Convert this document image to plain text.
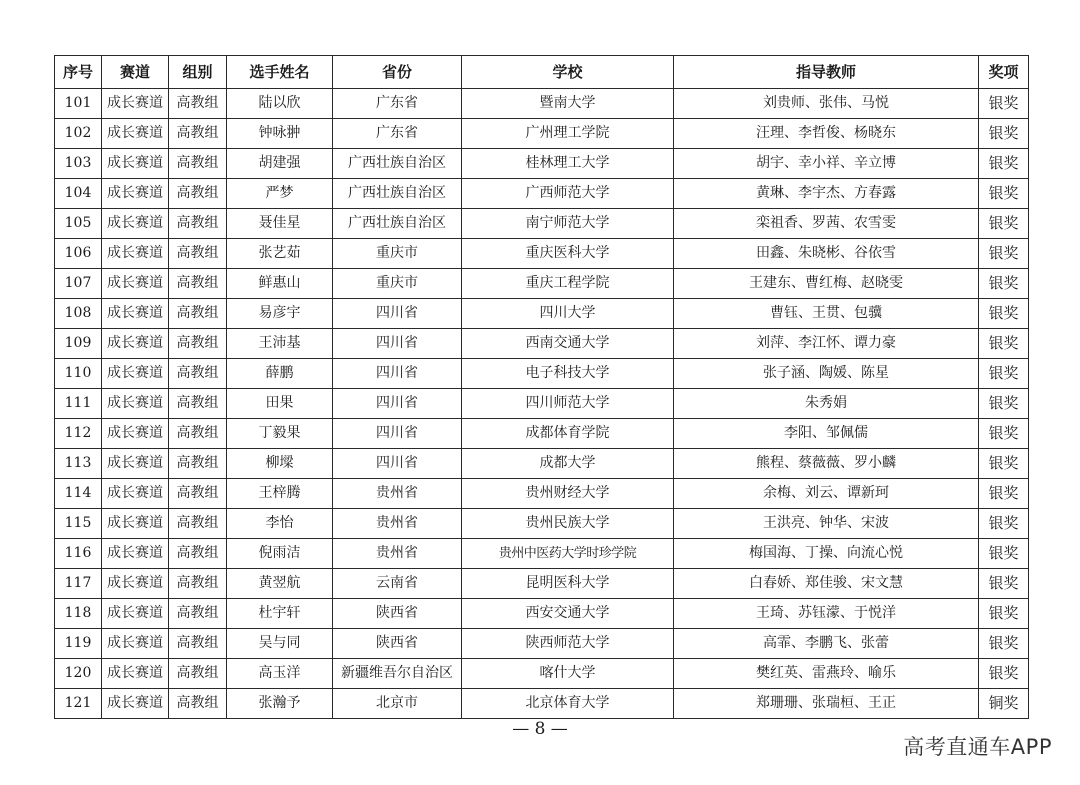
序号	赛道	组别	选手姓名	省份	学校	指导教师	奖项
101	成长赛道	高教组	陆以欣	广东省	暨南大学	刘贵师、张伟、马悦	银奖
102	成长赛道	高教组	钟咏翀	广东省	广州理工学院	汪理、李哲俊、杨晓东	银奖
103	成长赛道	高教组	胡建强	广西壮族自治区	桂林理工大学	胡宇、幸小祥、辛立博	银奖
104	成长赛道	高教组	严梦	广西壮族自治区	广西师范大学	黄琳、李宇杰、方春露	银奖
105	成长赛道	高教组	聂佳星	广西壮族自治区	南宁师范大学	栾祖香、罗茜、农雪雯	银奖
106	成长赛道	高教组	张艺茹	重庆市	重庆医科大学	田鑫、朱晓彬、谷依雪	银奖
107	成长赛道	高教组	鲜惠山	重庆市	重庆工程学院	王建东、曹红梅、赵晓雯	银奖
108	成长赛道	高教组	易彦宇	四川省	四川大学	曹钰、王贯、包骥	银奖
109	成长赛道	高教组	王沛基	四川省	西南交通大学	刘萍、李江怀、谭力豪	银奖
110	成长赛道	高教组	薛鹏	四川省	电子科技大学	张子涵、陶媛、陈星	银奖
111	成长赛道	高教组	田果	四川省	四川师范大学	朱秀娟	银奖
112	成长赛道	高教组	丁毅果	四川省	成都体育学院	李阳、邹佩儒	银奖
113	成长赛道	高教组	柳墚	四川省	成都大学	熊程、蔡薇薇、罗小麟	银奖
114	成长赛道	高教组	王梓腾	贵州省	贵州财经大学	余梅、刘云、谭新珂	银奖
115	成长赛道	高教组	李怡	贵州省	贵州民族大学	王洪亮、钟华、宋波	银奖
116	成长赛道	高教组	倪雨洁	贵州省	贵州中医药大学时珍学院	梅国海、丁操、向流心悦	银奖
117	成长赛道	高教组	黄翌航	云南省	昆明医科大学	白春娇、郑佳骏、宋文慧	银奖
118	成长赛道	高教组	杜宇轩	陕西省	西安交通大学	王琦、苏钰濛、于悦洋	银奖
119	成长赛道	高教组	吴与同	陕西省	陕西师范大学	高霏、李鹏飞、张蕾	银奖
120	成长赛道	高教组	高玉洋	新疆维吾尔自治区	喀什大学	樊红英、雷燕玲、喻乐	银奖
121	成长赛道	高教组	张瀚予	北京市	北京体育大学	郑珊珊、张瑞桓、王正	铜奖
— 8 —
高考直通车APP
